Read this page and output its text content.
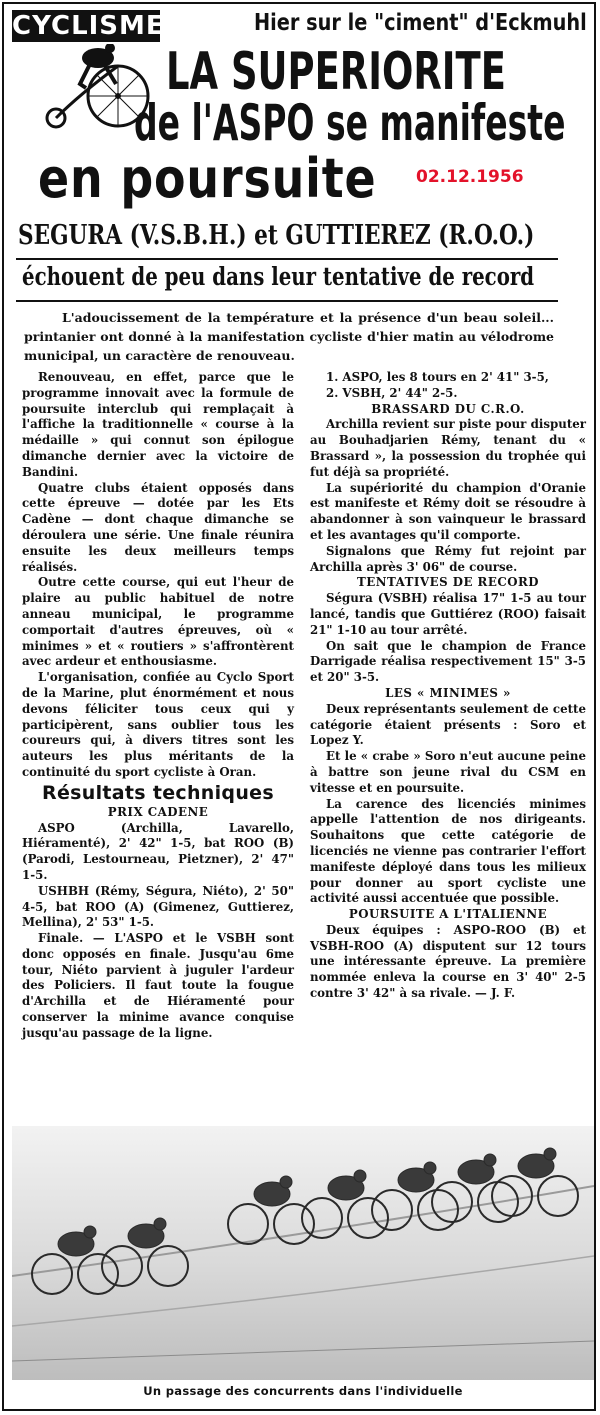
CYCLISME	Hier sur le "ciment" d'Eckmuhl
LA SUPERIORITE
de l'ASPO se manifeste
en poursuite 02.12.1956
SEGURA (V.S.B.H.) et GUTTIEREZ (R.O.O.)
échouent de peu dans leur tentative de record
L'adoucissement de la température et la présence d'un beau soleil... printanier ont donné à la manifestation cycliste d'hier matin au vélodrome municipal, un caractère de renouveau.

Renouveau, en effet, parce que le programme innovait avec la formule de poursuite interclub qui remplaçait à l'affiche la traditionnelle « course à la médaille » qui connut son épilogue dimanche dernier avec la victoire de Bandini.

Quatre clubs étaient opposés dans cette épreuve — dotée par les Ets Cadène — dont chaque dimanche se déroulera une série. Une finale réunira ensuite les deux meilleurs temps réalisés.

Outre cette course, qui eut l'heur de plaire au public habituel de notre anneau municipal, le programme comportait d'autres épreuves, où « minimes » et « routiers » s'affrontèrent avec ardeur et enthousiasme.

L'organisation, confiée au Cyclo Sport de la Marine, plut énormément et nous devons féliciter tous ceux qui y participèrent, sans oublier tous les coureurs qui, à divers titres sont les auteurs les plus méritants de la continuité du sport cycliste à Oran.

Résultats techniques

PRIX CADENE

ASPO (Archilla, Lavarello, Hiéramenté), 2' 42" 1-5, bat ROO (B) (Parodi, Lestourneau, Pietzner), 2' 47" 1-5.

USHBH (Rémy, Ségura, Niéto), 2' 50" 4-5, bat ROO (A) (Gimenez, Guttierez, Mellina), 2' 53" 1-5.

Finale. — L'ASPO et le VSBH sont donc opposés en finale. Jusqu'au 6me tour, Niéto parvient à juguler l'ardeur des Policiers. Il faut toute la fougue d'Archilla et de Hiéramenté pour conserver la minime avance conquise jusqu'au passage de la ligne.

1. ASPO, les 8 tours en 2' 41" 3-5,

2. VSBH, 2' 44" 2-5.

BRASSARD DU C.R.O.

Archilla revient sur piste pour disputer au Bouhadjarien Rémy, tenant du « Brassard », la possession du trophée qui fut déjà sa propriété.

La supériorité du champion d'Oranie est manifeste et Rémy doit se résoudre à abandonner à son vainqueur le brassard et les avantages qu'il comporte.

Signalons que Rémy fut rejoint par Archilla après 3' 06" de course.

TENTATIVES DE RECORD

Ségura (VSBH) réalisa 17" 1-5 au tour lancé, tandis que Guttiérez (ROO) faisait 21" 1-10 au tour arrêté.

On sait que le champion de France Darrigade réalisa respectivement 15" 3-5 et 20" 3-5.

LES « MINIMES »

Deux représentants seulement de cette catégorie étaient présents : Soro et Lopez Y.

Et le « crabe » Soro n'eut aucune peine à battre son jeune rival du CSM en vitesse et en poursuite.

La carence des licenciés minimes appelle l'attention de nos dirigeants. Souhaitons que cette catégorie de licenciés ne vienne pas contrarier l'effort manifeste déployé dans tous les milieux pour donner au sport cycliste une activité aussi accentuée que possible.

POURSUITE A L'ITALIENNE

Deux équipes : ASPO-ROO (B) et VSBH-ROO (A) disputent sur 12 tours une intéressante épreuve. La première nommée enleva la course en 3' 40" 2-5 contre 3' 42" à sa rivale. — J. F.

Un passage des concurrents dans l'individuelle
